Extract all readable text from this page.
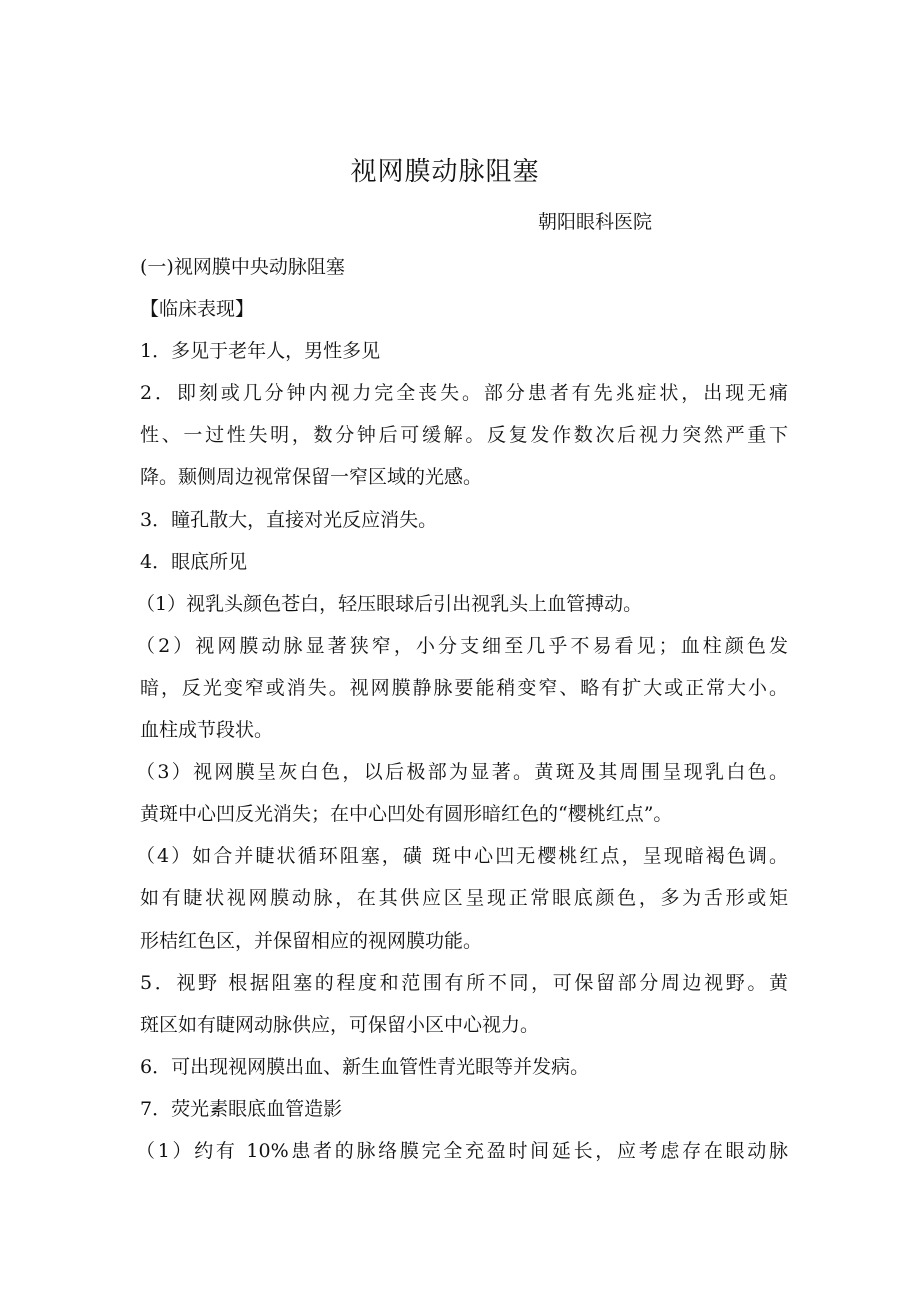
视网膜动脉阻塞
朝阳眼科医院
(一)视网膜中央动脉阻塞
【临床表现】
1．多见于老年人，男性多见
2．即刻或几分钟内视力完全丧失。部分患者有先兆症状，出现无痛
性、一过性失明，数分钟后可缓解。反复发作数次后视力突然严重下
降。颞侧周边视常保留一窄区域的光感。
3．瞳孔散大，直接对光反应消失。
4．眼底所见
（1）视乳头颜色苍白，轻压眼球后引出视乳头上血管搏动。
（2）视网膜动脉显著狭窄，小分支细至几乎不易看见；血柱颜色发
暗，反光变窄或消失。视网膜静脉要能稍变窄、略有扩大或正常大小。
血柱成节段状。
（3）视网膜呈灰白色，以后极部为显著。黄斑及其周围呈现乳白色。
黄斑中心凹反光消失；在中心凹处有圆形暗红色的“樱桃红点”。
（4）如合并睫状循环阻塞，磺 斑中心凹无樱桃红点，呈现暗褐色调。
如有睫状视网膜动脉，在其供应区呈现正常眼底颜色，多为舌形或矩
形桔红色区，并保留相应的视网膜功能。
5．视野 根据阻塞的程度和范围有所不同，可保留部分周边视野。黄
斑区如有睫网动脉供应，可保留小区中心视力。
6．可出现视网膜出血、新生血管性青光眼等并发病。
7．荧光素眼底血管造影
（1）约有 10%患者的脉络膜完全充盈时间延长，应考虑存在眼动脉
